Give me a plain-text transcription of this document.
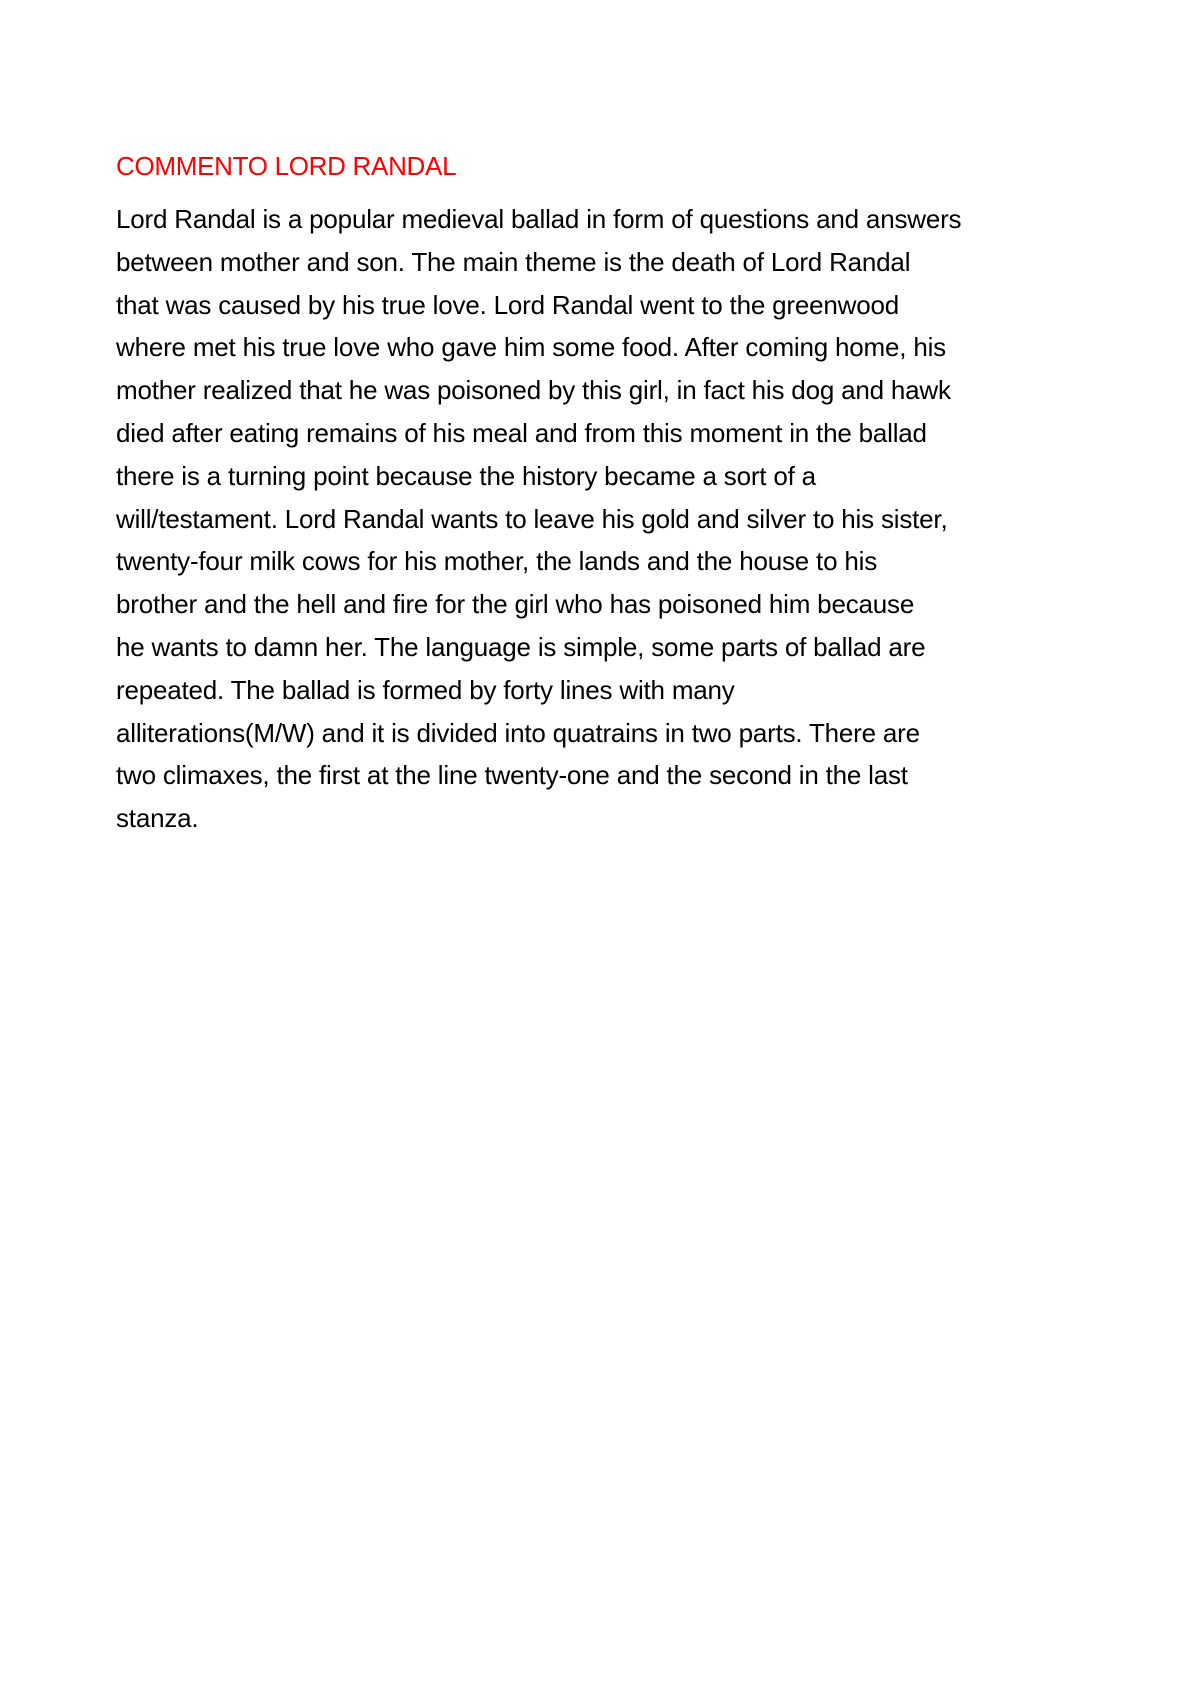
COMMENTO LORD RANDAL
Lord Randal is a popular medieval ballad in form of questions and answers
between mother and son. The main theme is the death of Lord Randal
that was caused by his true love. Lord Randal went to the greenwood
where met his true love who gave him some food. After coming home, his
mother realized that he was poisoned by this girl, in fact his dog and hawk
died after eating remains of his meal and from this moment in the ballad
there is a turning point because the history became a sort of a
will/testament. Lord Randal wants to leave his gold and silver to his sister,
twenty-four milk cows for his mother, the lands and the house to his
brother and the hell and fire for the girl who has poisoned him because
he wants to damn her. The language is simple, some parts of ballad are
repeated. The ballad is formed by forty lines with many
alliterations(M/W) and it is divided into quatrains in two parts. There are
two climaxes, the first at the line twenty-one and the second in the last
stanza.
